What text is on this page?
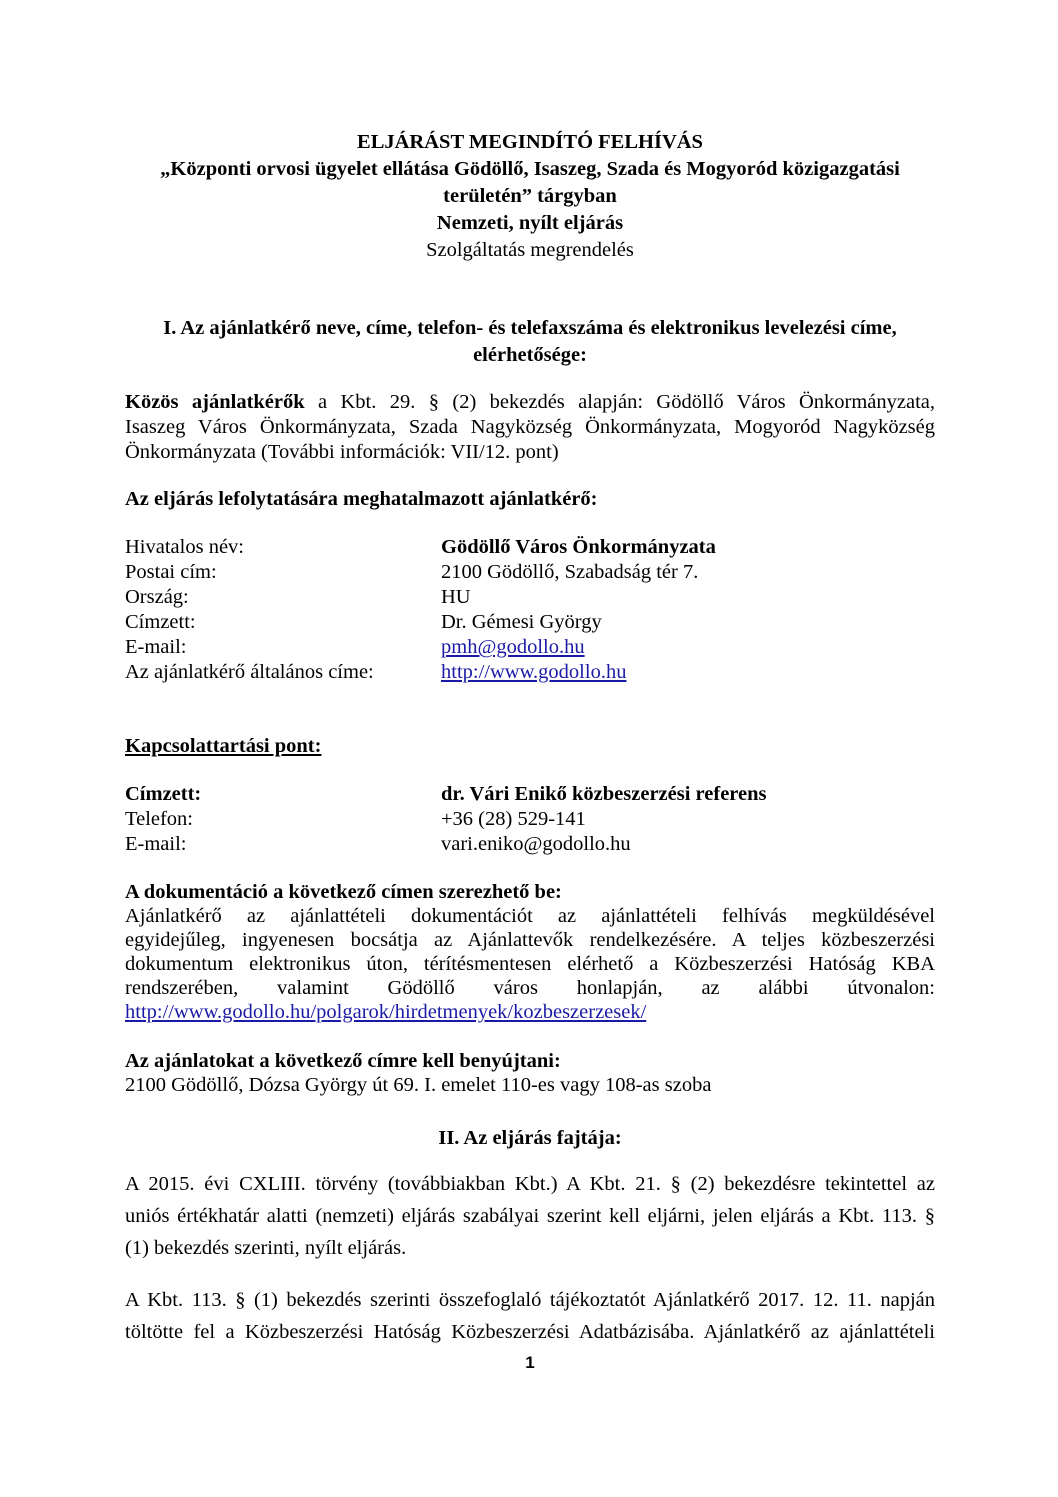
ELJÁRÁST MEGINDÍTÓ FELHÍVÁS
„Központi orvosi ügyelet ellátása Gödöllő, Isaszeg, Szada és Mogyoród közigazgatási
területén” tárgyban
Nemzeti, nyílt eljárás
Szolgáltatás megrendelés
I. Az ajánlatkérő neve, címe, telefon- és telefaxszáma és elektronikus levelezési címe,
elérhetősége:
Közös ajánlatkérők a Kbt. 29. § (2) bekezdés alapján: Gödöllő Város Önkormányzata,
Isaszeg Város Önkormányzata, Szada Nagyközség Önkormányzata, Mogyoród Nagyközség
Önkormányzata (További információk: VII/12. pont)
Az eljárás lefolytatására meghatalmazott ajánlatkérő:
Hivatalos név:	Gödöllő Város Önkormányzata
Postai cím:	2100 Gödöllő, Szabadság tér 7.
Ország:	HU
Címzett:	Dr. Gémesi György
E-mail:	pmh@godollo.hu
Az ajánlatkérő általános címe:	http://www.godollo.hu
Kapcsolattartási pont:
Címzett:	dr. Vári Enikő közbeszerzési referens
Telefon:	+36 (28) 529-141
E-mail:	vari.eniko@godollo.hu
A dokumentáció a következő címen szerezhető be:
Ajánlatkérő az ajánlattételi dokumentációt az ajánlattételi felhívás megküldésével
egyidejűleg, ingyenesen bocsátja az Ajánlattevők rendelkezésére. A teljes közbeszerzési
dokumentum elektronikus úton, térítésmentesen elérhető a Közbeszerzési Hatóság KBA
rendszerében, valamint Gödöllő város honlapján, az alábbi útvonalon:
http://www.godollo.hu/polgarok/hirdetmenyek/kozbeszerzesek/
Az ajánlatokat a következő címre kell benyújtani:
2100 Gödöllő, Dózsa György út 69. I. emelet 110-es vagy 108-as szoba
II. Az eljárás fajtája:
A 2015. évi CXLIII. törvény (továbbiakban Kbt.) A Kbt. 21. § (2) bekezdésre tekintettel az
uniós értékhatár alatti (nemzeti) eljárás szabályai szerint kell eljárni, jelen eljárás a Kbt. 113. §
(1) bekezdés szerinti, nyílt eljárás.
A Kbt. 113. § (1) bekezdés szerinti összefoglaló tájékoztatót Ajánlatkérő 2017. 12. 11. napján
töltötte fel a Közbeszerzési Hatóság Közbeszerzési Adatbázisába. Ajánlatkérő az ajánlattételi
1
